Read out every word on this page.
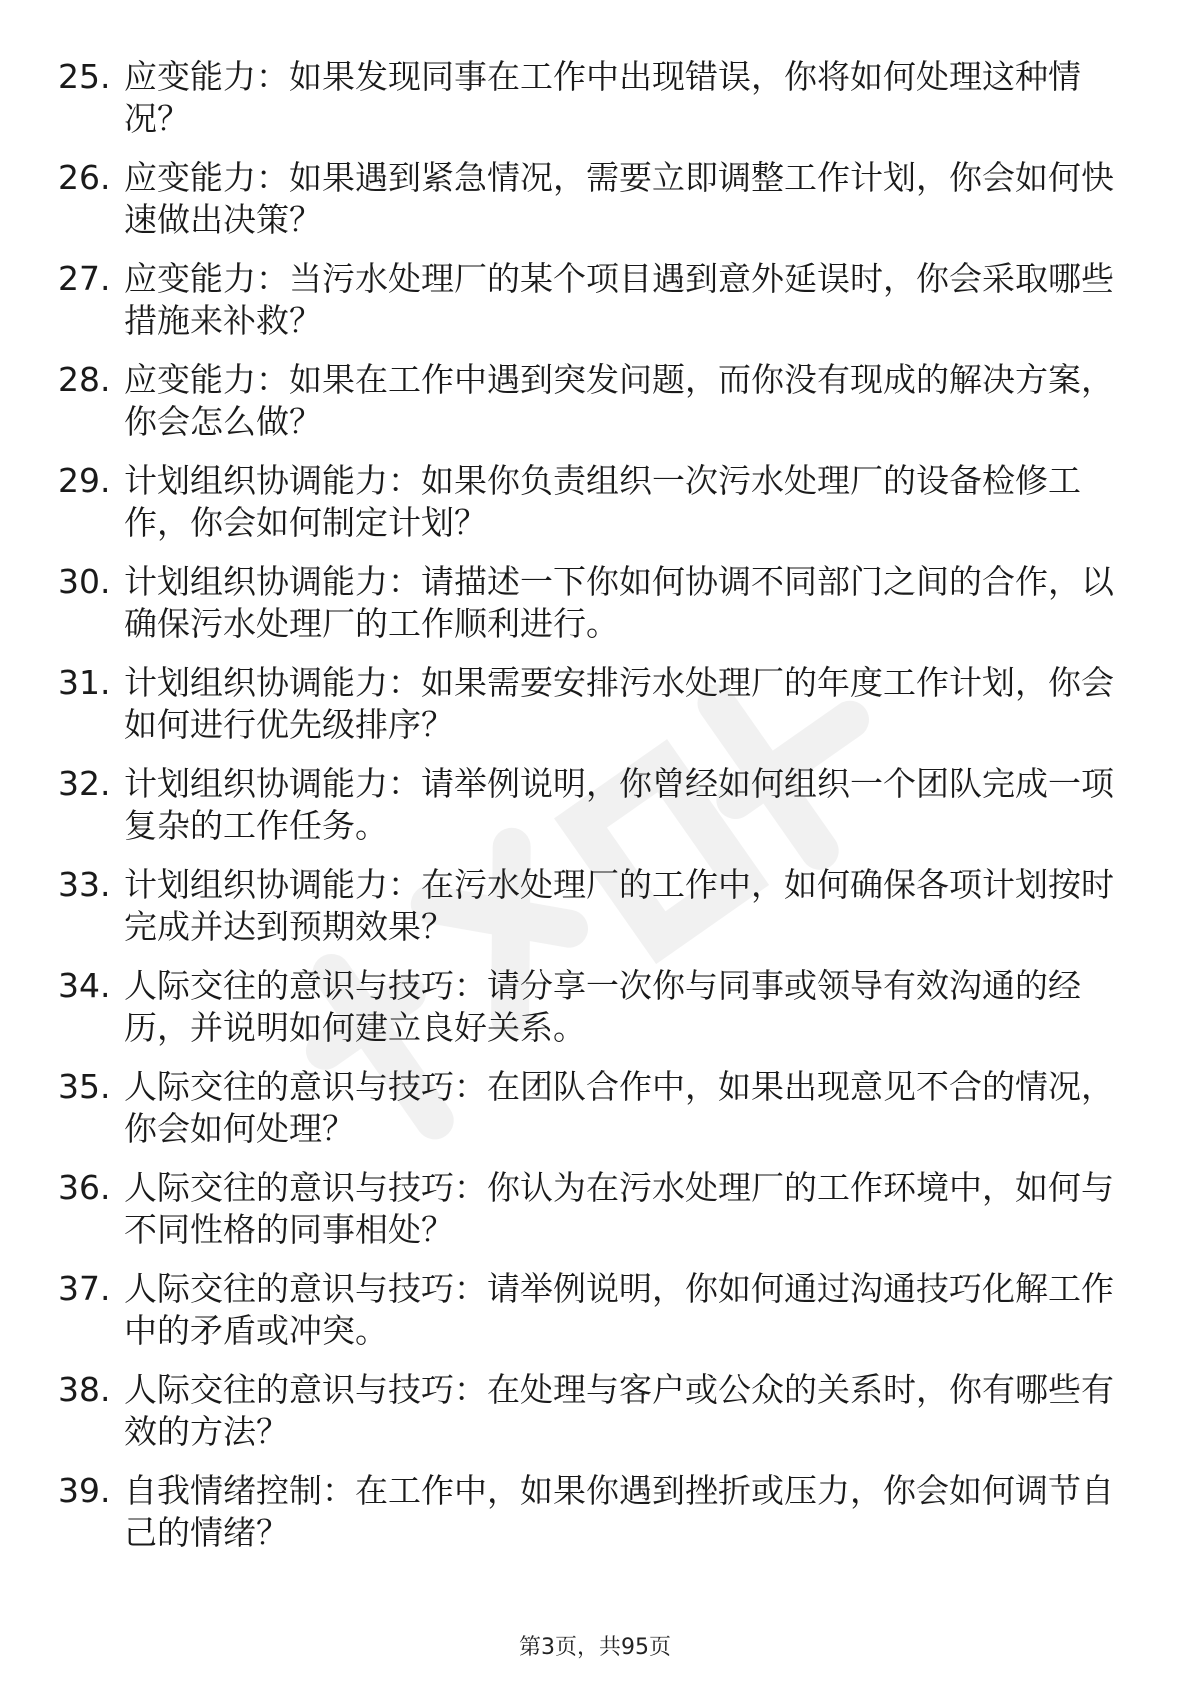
25. 应变能力：如果发现同事在工作中出现错误，你将如何处理这种情况？
26. 应变能力：如果遇到紧急情况，需要立即调整工作计划，你会如何快速做出决策？
27. 应变能力：当污水处理厂的某个项目遇到意外延误时，你会采取哪些措施来补救？
28. 应变能力：如果在工作中遇到突发问题，而你没有现成的解决方案，你会怎么做？
29. 计划组织协调能力：如果你负责组织一次污水处理厂的设备检修工作，你会如何制定计划？
30. 计划组织协调能力：请描述一下你如何协调不同部门之间的合作，以确保污水处理厂的工作顺利进行。
31. 计划组织协调能力：如果需要安排污水处理厂的年度工作计划，你会如何进行优先级排序？
32. 计划组织协调能力：请举例说明，你曾经如何组织一个团队完成一项复杂的工作任务。
33. 计划组织协调能力：在污水处理厂的工作中，如何确保各项计划按时完成并达到预期效果？
34. 人际交往的意识与技巧：请分享一次你与同事或领导有效沟通的经历，并说明如何建立良好关系。
35. 人际交往的意识与技巧：在团队合作中，如果出现意见不合的情况，你会如何处理？
36. 人际交往的意识与技巧：你认为在污水处理厂的工作环境中，如何与不同性格的同事相处？
37. 人际交往的意识与技巧：请举例说明，你如何通过沟通技巧化解工作中的矛盾或冲突。
38. 人际交往的意识与技巧：在处理与客户或公众的关系时，你有哪些有效的方法？
39. 自我情绪控制：在工作中，如果你遇到挫折或压力，你会如何调节自己的情绪？
第3页，共95页
